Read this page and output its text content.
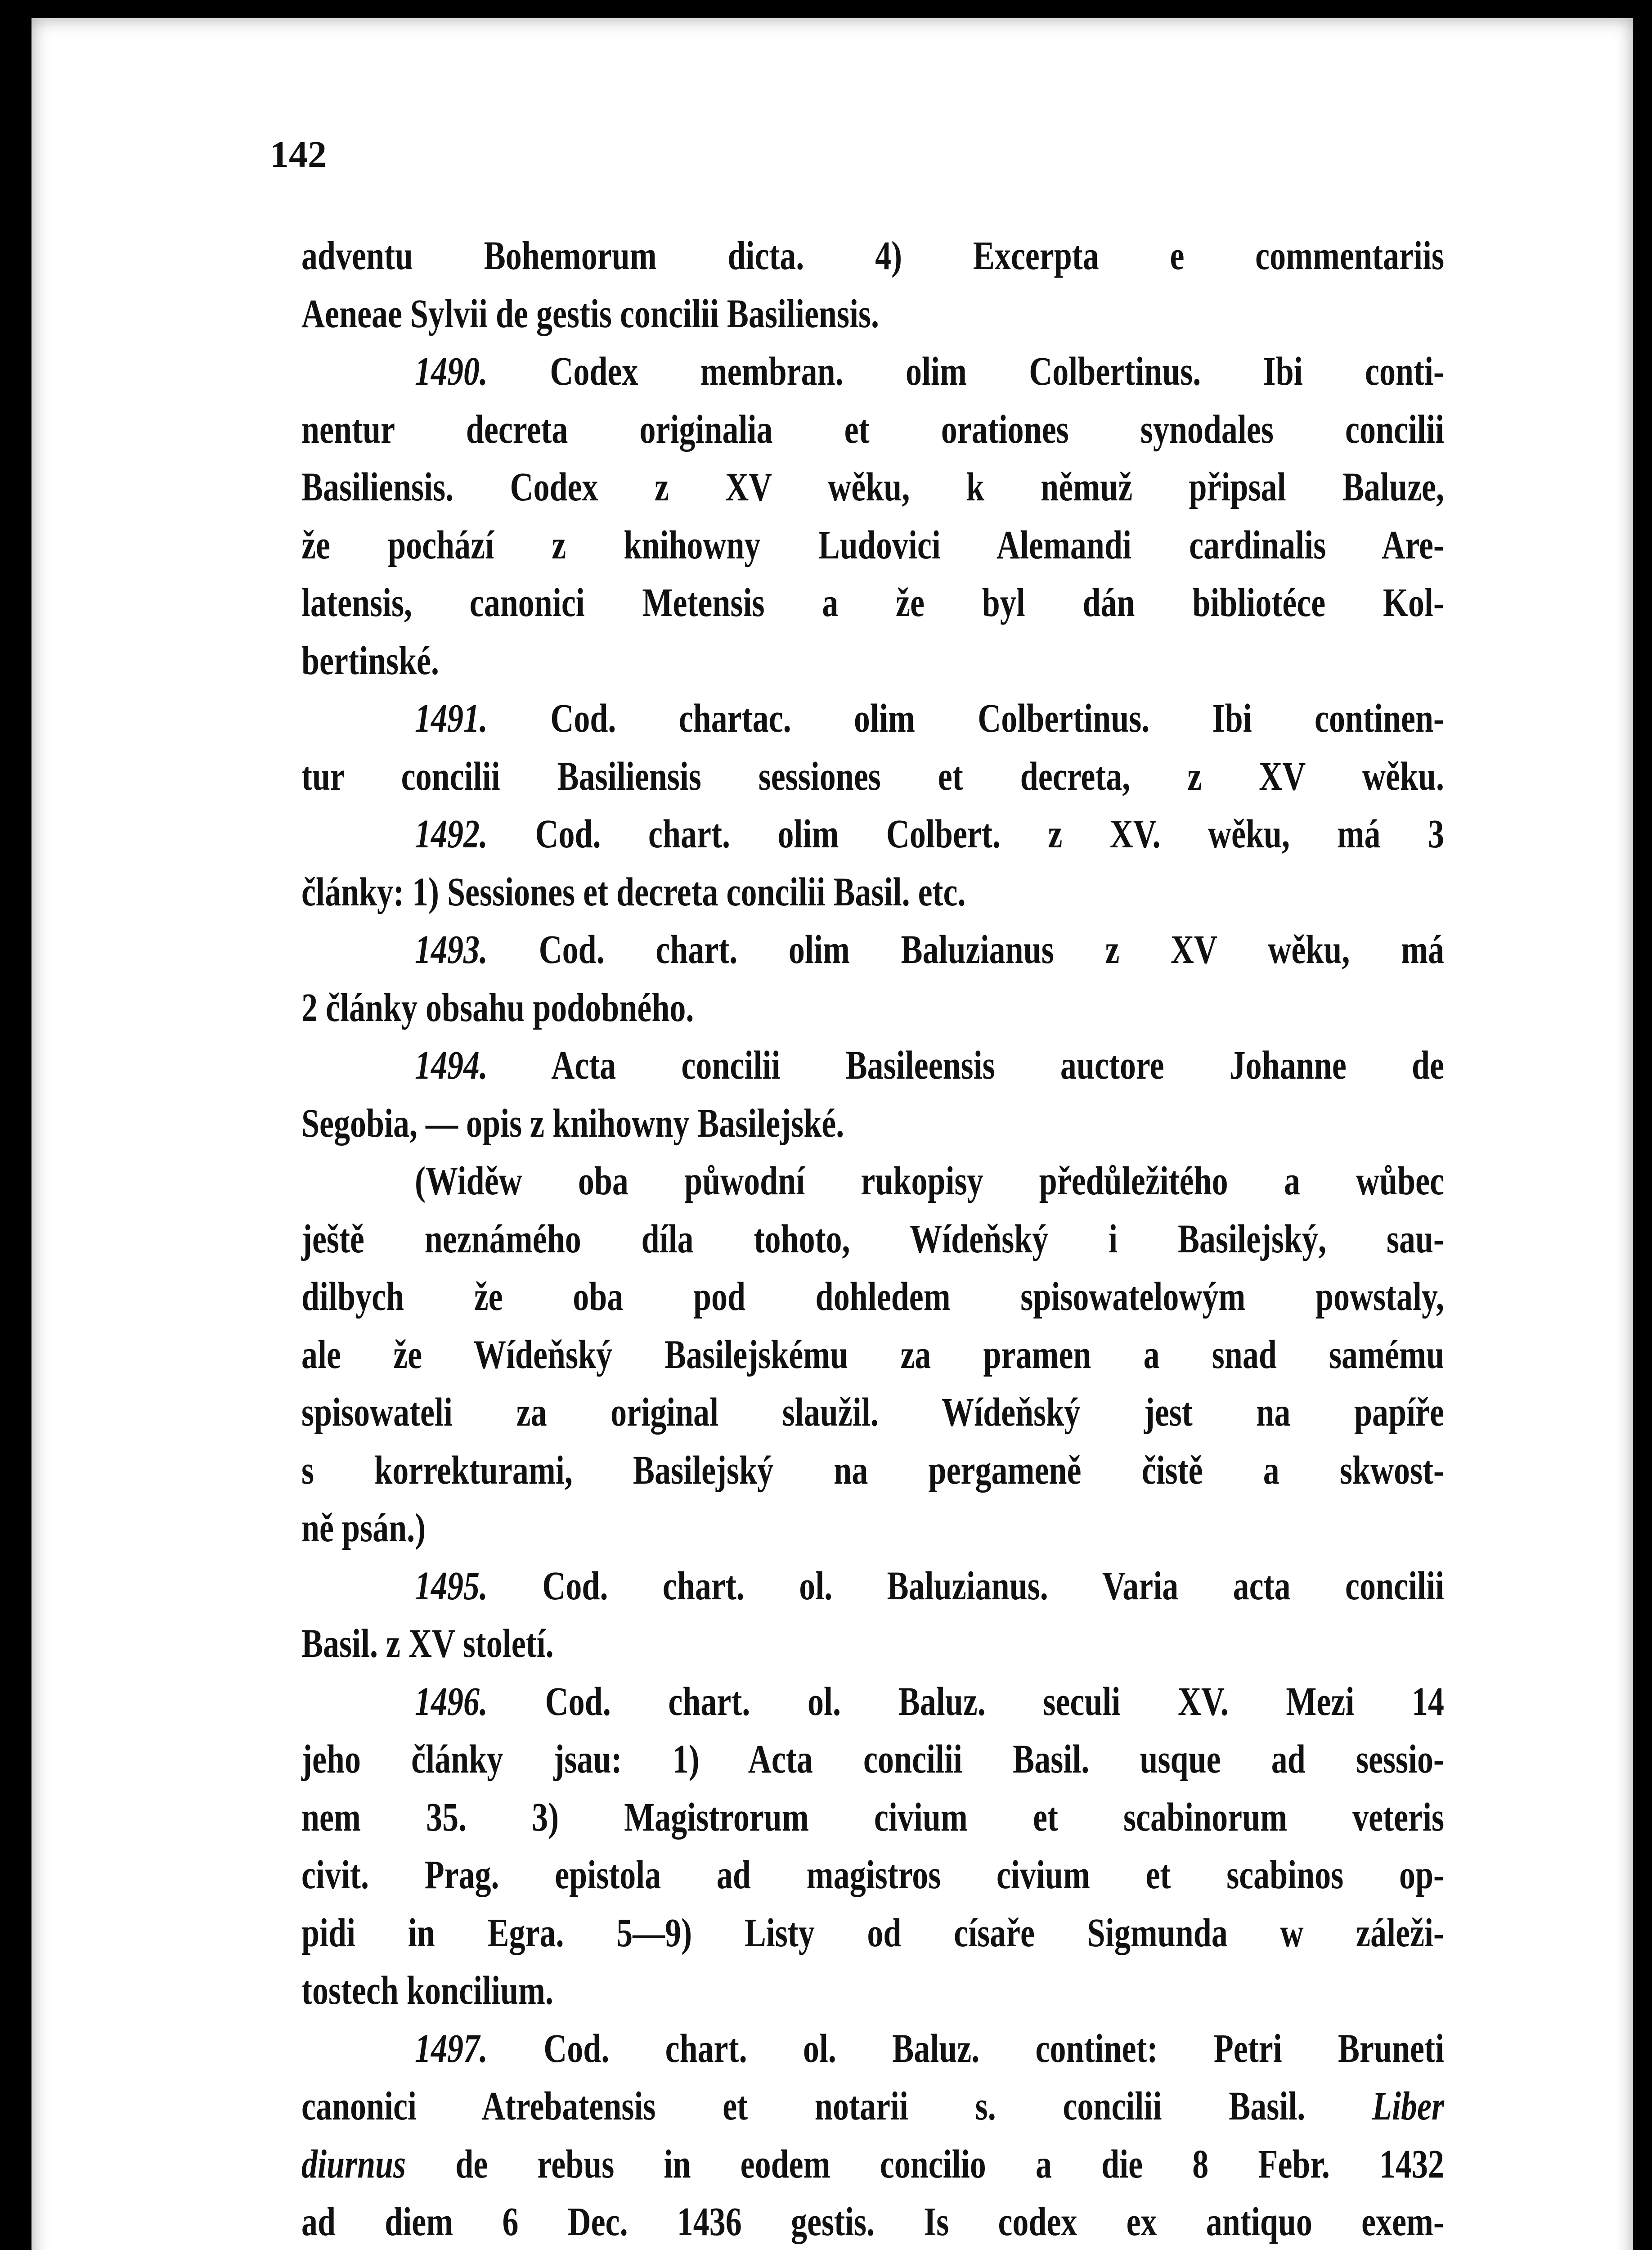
142
adventu Bohemorum dicta. 4) Excerpta e commentariis
Aeneae Sylvii de gestis concilii Basiliensis.
1490. Codex membran. olim Colbertinus. Ibi conti-
nentur decreta originalia et orationes synodales concilii
Basiliensis. Codex z XV wěku, k němuž připsal Baluze,
že pochází z knihowny Ludovici Alemandi cardinalis Are-
latensis, canonici Metensis a že byl dán bibliotéce Kol-
bertinské.
1491. Cod. chartac. olim Colbertinus. Ibi continen-
tur concilii Basiliensis sessiones et decreta, z XV wěku.
1492. Cod. chart. olim Colbert. z XV. wěku, má 3
články: 1) Sessiones et decreta concilii Basil. etc.
1493. Cod. chart. olim Baluzianus z XV wěku, má
2 články obsahu podobného.
1494. Acta concilii Basileensis auctore Johanne de
Segobia, — opis z knihowny Basilejské.
(Widěw oba půwodní rukopisy předůležitého a wůbec
ještě neznámého díla tohoto, Wídeňský i Basilejský, sau-
dilbych že oba pod dohledem spisowatelowým powstaly,
ale že Wídeňský Basilejskému za pramen a snad samému
spisowateli za original slaužil. Wídeňský jest na papíře
s korrekturami, Basilejský na pergameně čistě a skwost-
ně psán.)
1495. Cod. chart. ol. Baluzianus. Varia acta concilii
Basil. z XV století.
1496. Cod. chart. ol. Baluz. seculi XV. Mezi 14
jeho články jsau: 1) Acta concilii Basil. usque ad sessio-
nem 35. 3) Magistrorum civium et scabinorum veteris
civit. Prag. epistola ad magistros civium et scabinos op-
pidi in Egra. 5—9) Listy od císaře Sigmunda w záleži-
tostech koncilium.
1497. Cod. chart. ol. Baluz. continet: Petri Bruneti
canonici Atrebatensis et notarii s. concilii Basil. Liber
diurnus de rebus in eodem concilio a die 8 Febr. 1432
ad diem 6 Dec. 1436 gestis. Is codex ex antiquo exem-
